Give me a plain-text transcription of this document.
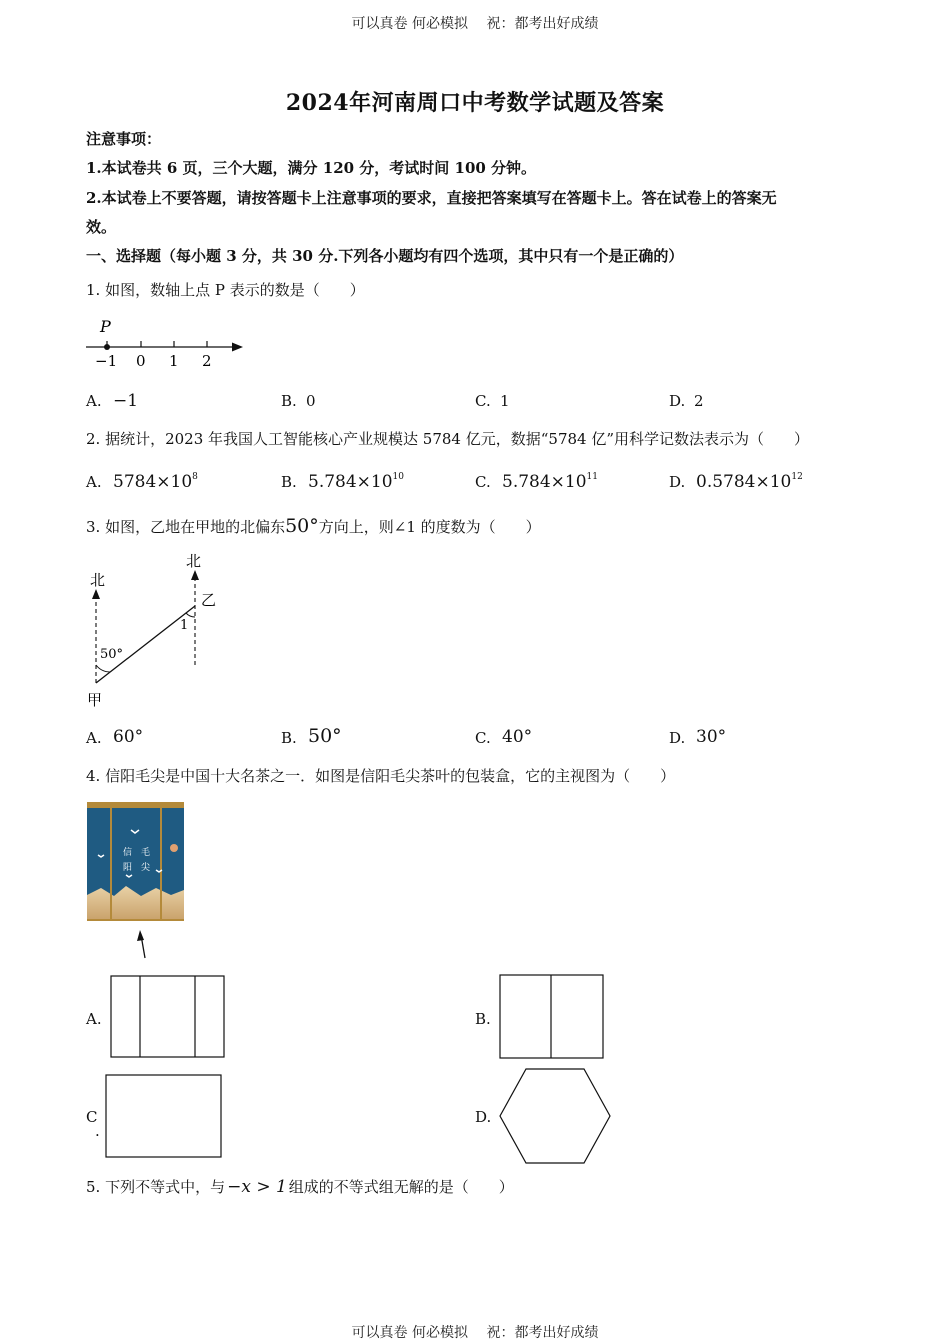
可以真卷 何必模拟　 祝：都考出好成绩
可以真卷 何必模拟　 祝：都考出好成绩
2024年河南周口中考数学试题及答案
注意事项：
1.本试卷共 6 页，三个大题，满分 120 分，考试时间 100 分钟。
2.本试卷上不要答题，请按答题卡上注意事项的要求，直接把答案填写在答题卡上。答在试卷上的答案无
效。
一、选择题（每小题 3 分，共 30 分.下列各小题均有四个选项，其中只有一个是正确的）
1. 如图，数轴上点 P 表示的数是（　　）
P
−1 0 1 2
A. −1	B. 0	C. 1	D. 2
2. 据统计，2023 年我国人工智能核心产业规模达 5784 亿元，数据“5784 亿”用科学记数法表示为（　　）
A. $5784\times 10^8$	B. $5.784\times 10^{10}$	C. $5.784\times 10^{11}$	D. $0.5784\times 10^{12}$
3. 如图，乙地在甲地的北偏东50°方向上，则∠1 的度数为（　　）
北
北
乙
甲
50°
1
A. 60°	B. 50°	C. 40°	D. 30°
4. 信阳毛尖是中国十大名茶之一．如图是信阳毛尖茶叶的包装盒，它的主视图为（　　）
信 毛
阳 尖
A.	B.
C
.
D.
5. 下列不等式中，与 −x > 1 组成的不等式组无解的是（　　）
